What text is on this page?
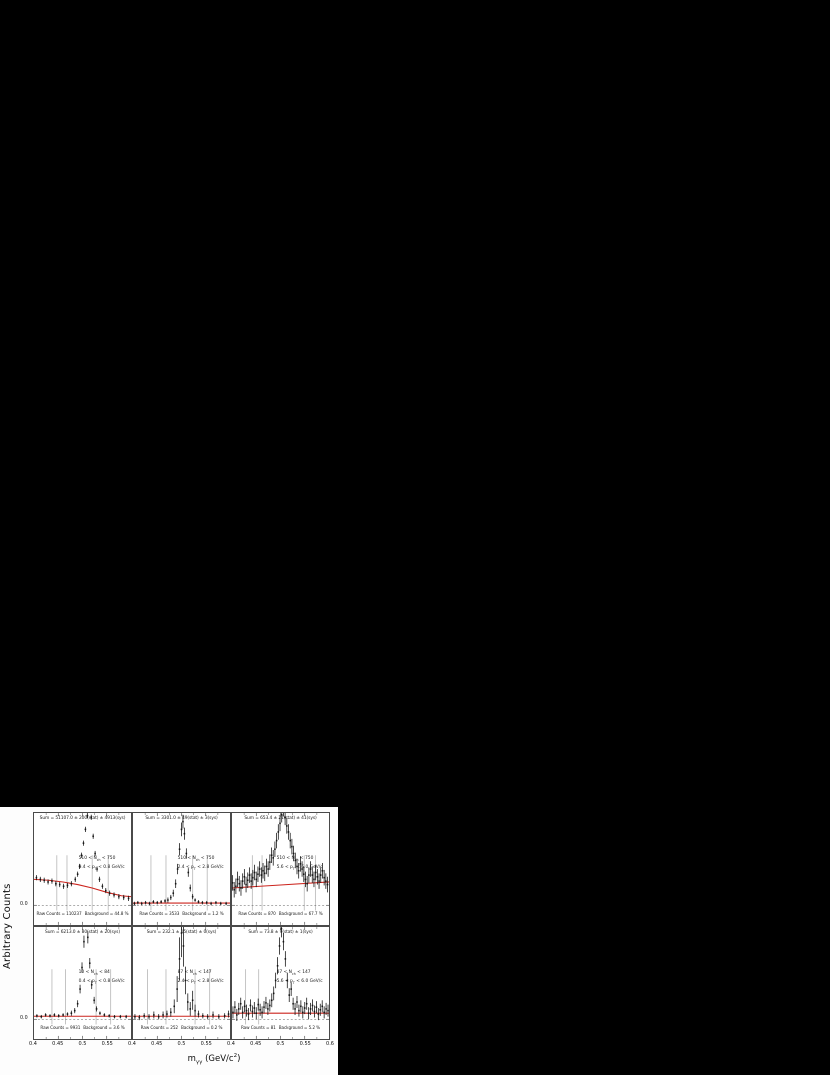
Arbitrary Counts
Sum = 51107.0 ± 200(stat) ± 4913(sys)
$510 < N_{ch} < 750$
$0.4 < p_T < 0.8$ GeV/c
Raw Counts = 110237 Background = 44.8 %
Sum = 3301.0 ± 49(stat) ± 3(sys)
$510 < N_{ch} < 750$
$2.4 < p_T < 2.8$ GeV/c
Raw Counts = 3533 Background = 1.2 %
Sum = 653.4 ± 21(stat) ± 41(sys)
$510 < N_{ch} < 750$
$5.6 < p_T < 6.0$ GeV/c
Raw Counts = 870 Background = 67.7 %
Sum = 6213.0 ± 80(stat) ± 20(sys)
$10 < N_{ch} < 84$
$0.4 < p_T < 0.8$ GeV/c
Raw Counts = 9931 Background = 3.6 %
Sum = 232.1 ± 15(stat) ± 0(sys)
$87 < N_{ch} < 147$
$2.4 < p_T < 2.8$ GeV/c
Raw Counts = 252 Background = 0.2 %
Sum = 73.8 ± 9(stat) ± 1(sys)
$87 < N_{ch} < 147$
$5.6 < p_T < 6.0$ GeV/c
Raw Counts = 81 Background = 5.2 %
0.0
0.0
0.4	0.45	0.5	0.55	0.4	0.45	0.5	0.55	0.4	0.45	0.5	0.55	0.6
$m_{\gamma\gamma}$ $(GeV/c^2)$
